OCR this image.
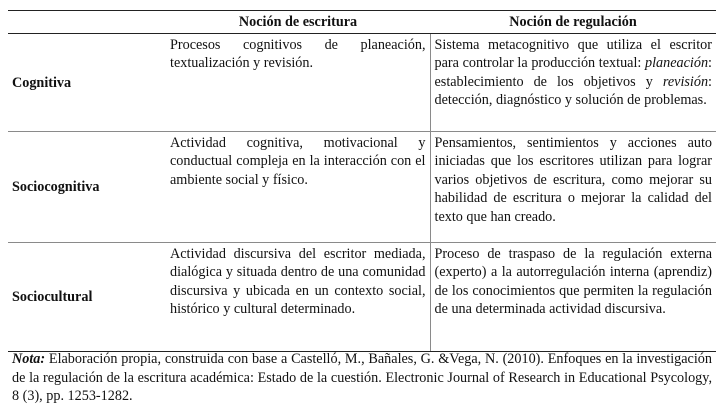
	Noción de escritura	Noción de regulación
Cognitiva	Procesos cognitivos de planeación, textualización y revisión.	Sistema metacognitivo que utiliza el escritor para controlar la producción textual: planeación: establecimiento de los objetivos y revisión: detección, diagnóstico y solución de problemas.
Sociocognitiva	Actividad cognitiva, motivacional y conductual compleja en la interacción con el ambiente social y físico.	Pensamientos, sentimientos y acciones auto iniciadas que los escritores utilizan para lograr varios objetivos de escritura, como mejorar su habilidad de escritura o mejorar la calidad del texto que han creado.
Sociocultural	Actividad discursiva del escritor mediada, dialógica y situada dentro de una comunidad discursiva y ubicada en un contexto social, histórico y cultural determinado.	Proceso de traspaso de la regulación externa (experto) a la autorregulación interna (aprendiz) de los conocimientos que permiten la regulación de una determinada actividad discursiva.
Nota: Elaboración propia, construida con base a Castelló, M., Bañales, G. &Vega, N. (2010). Enfoques en la investigación de la regulación de la escritura académica: Estado de la cuestión. Electronic Journal of Research in Educational Psycology, 8 (3), pp. 1253-1282.
